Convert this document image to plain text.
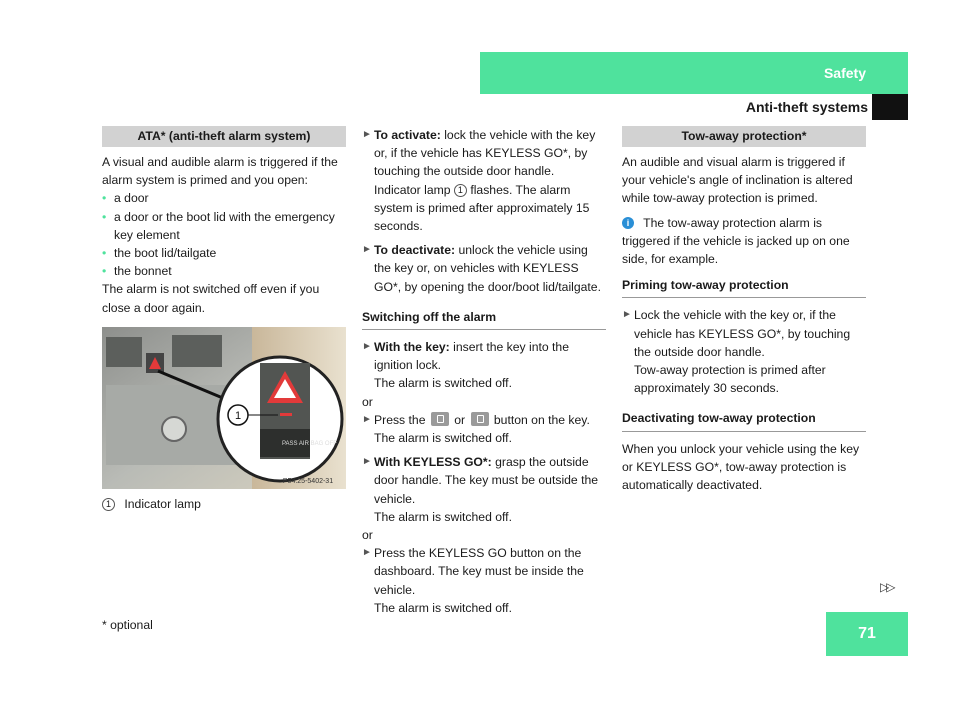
Safety
Anti-theft systems
ATA* (anti-theft alarm system)

A visual and audible alarm is triggered if the alarm system is primed and you open:

• a door
• a door or the boot lid with the emergency key element
• the boot lid/tailgate
• the bonnet

The alarm is not switched off even if you close a door again.

1
PASS AIR BAG OFF
P54.25-5402-31

1 Indicator lamp

► To activate: lock the vehicle with the key or, if the vehicle has KEYLESS GO*, by touching the outside door handle.

Indicator lamp 1 flashes. The alarm system is primed after approximately 15 seconds.

► To deactivate: unlock the vehicle using the key or, on vehicles with KEYLESS GO*, by opening the door/boot lid/tailgate.
Switching off the alarm
► With the key: insert the key into the ignition lock.

The alarm is switched off.

or

► Press the or button on the key.

The alarm is switched off.

► With KEYLESS GO*: grasp the outside door handle. The key must be outside the vehicle.

The alarm is switched off.

or

► Press the KEYLESS GO button on the dashboard. The key must be inside the vehicle.

The alarm is switched off.

Tow-away protection*

An audible and visual alarm is triggered if your vehicle's angle of inclination is altered while tow-away protection is primed.

i The tow-away protection alarm is triggered if the vehicle is jacked up on one side, for example.

Priming tow-away protection
► Lock the vehicle with the key or, if the vehicle has KEYLESS GO*, by touching the outside door handle.

Tow-away protection is primed after approximately 30 seconds.

Deactivating tow-away protection

When you unlock your vehicle using the key or KEYLESS GO*, tow-away protection is automatically deactivated.

▷▷
71
* optional
